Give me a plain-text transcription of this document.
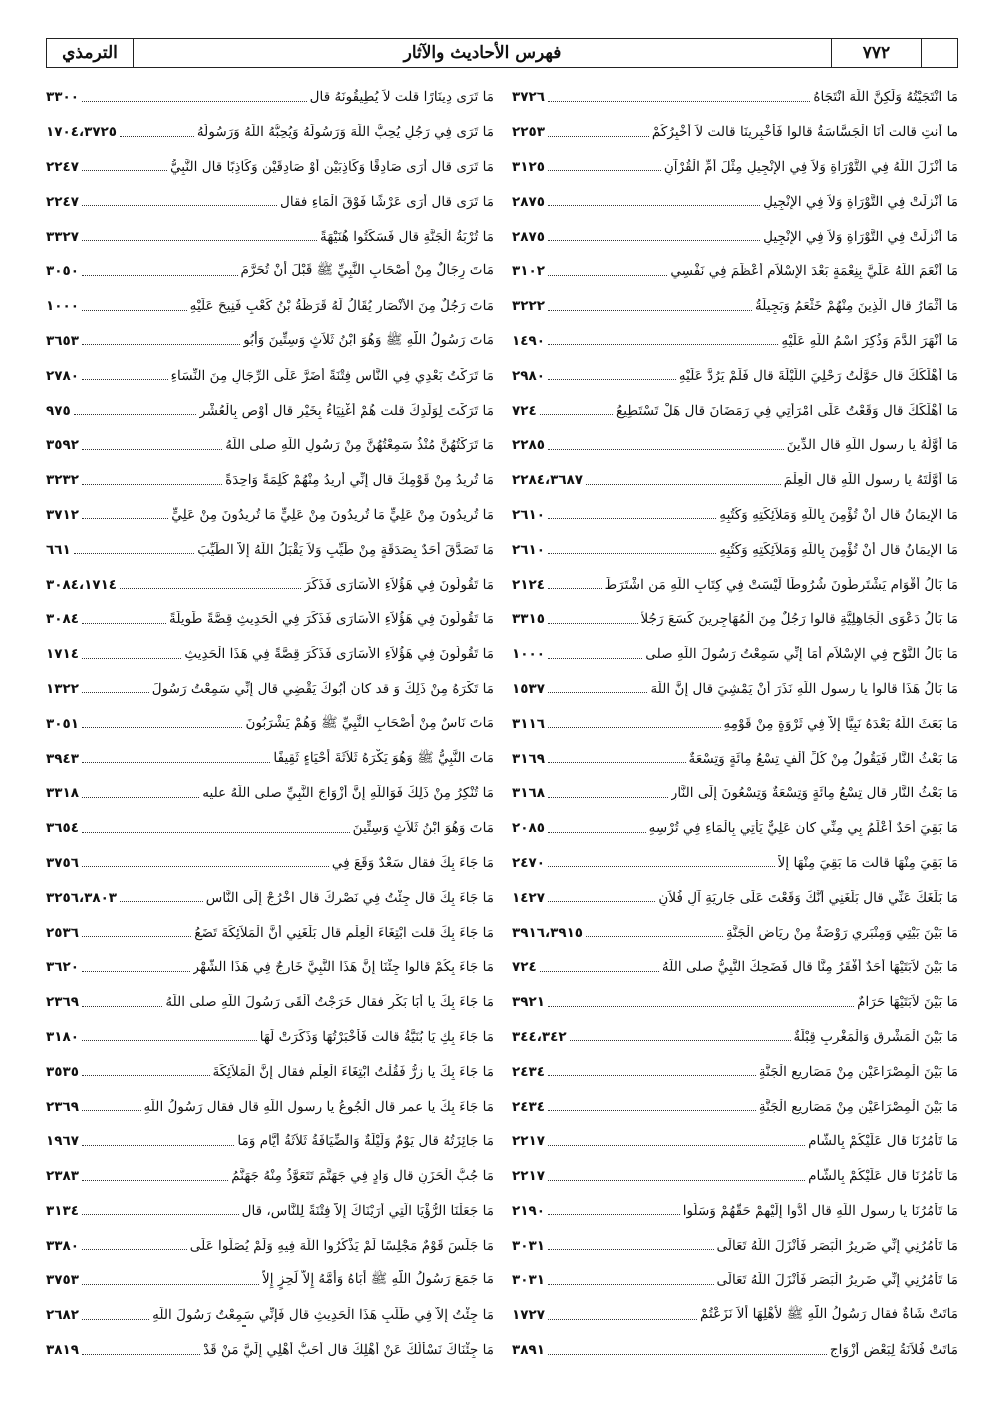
٧٧٢
فهرس الأحاديث والآثار
الترمذي
مَا انْتَجَيْتُهُ وَلَكِنَّ اللَّهَ انْتَجَاهُ
٣٧٢٦
ما أَنتِ قالت أَنَا الْجَسَّاسَةُ قالوا فَأَخْبِرِينَا قالت لاَ أُخْبِرُكُمْ
٢٢٥٣
مَا أَنْزَلَ اللَّهُ فِي التَّوْرَاةِ وَلاَ فِي الإِنْجِيلِ مِثْلَ أُمِّ الْقُرْآنِ
٣١٢٥
مَا أُنْزِلَتْ فِي التَّوْرَاةِ وَلاَ فِي الإِنْجِيلِ
٢٨٧٥
مَا أُنْزِلَتْ فِي التَّوْرَاةِ وَلاَ فِي الإِنْجِيلِ
٢٨٧٥
مَا أَنْعَمَ اللَّهُ عَلَيَّ بِنِعْمَةٍ بَعْدَ الإِسْلاَمِ أَعْظَمَ فِي نَفْسِي
٣١٠٢
مَا أَثْمَارُ قال الَّذِينَ مِنْهُمْ خَثْعَمُ وَبَجِيلَةُ
٣٢٢٢
مَا أَنْهَرَ الدَّمَ وَذُكِرَ اسْمُ اللَّهِ عَلَيْهِ
١٤٩٠
مَا أَهْلَكَكَ قال حَوَّلْتُ رَحْلِيَ اللَّيْلَةَ قال فَلَمْ يَرُدَّ عَلَيْهِ
٢٩٨٠
مَا أَهْلَكَكَ قال وَقَعْتُ عَلَى امْرَأَتِي فِي رَمَضَانَ قال هَلْ تَسْتَطِيعُ
٧٢٤
مَا أَوَّلُهُ يا رسول اللَّهِ قال الدِّينَ
٢٢٨٥
مَا أَوَّلْتَهُ يا رسول اللَّهِ قال الْعِلْمَ
٢٢٨٤،٣٦٨٧
مَا الإِيمَانُ قال أَنْ تُؤْمِنَ بِاللَّهِ وَمَلاَئِكَتِهِ وَكُتُبِهِ
٢٦١٠
مَا الإِيمَانُ قال أَنْ تُؤْمِنَ بِاللَّهِ وَمَلاَئِكَتِهِ وَكُتُبِهِ
٢٦١٠
مَا بَالُ أَقْوَامٍ يَشْتَرِطُونَ شُرُوطًا لَيْسَتْ فِي كِتَابِ اللَّهِ مَنِ اشْتَرَطَ
٢١٢٤
مَا بَالُ دَعْوَى الْجَاهِلِيَّةِ قالوا رَجُلٌ مِنَ الْمُهَاجِرِينَ كَسَعَ رَجُلاً
٣٣١٥
مَا بَالُ النَّوْحِ فِي الإِسْلاَمِ أَمَا إِنِّي سَمِعْتُ رَسُولَ اللَّهِ صلى
١٠٠٠
مَا بَالُ هَذَا قالوا يا رسول اللَّهِ نَذَرَ أَنْ يَمْشِيَ قال إِنَّ اللَّهَ
١٥٣٧
مَا بَعَثَ اللَّهُ بَعْدَهُ نَبِيًّا إِلاَّ فِي ثَرْوَةٍ مِنْ قَوْمِهِ
٣١١٦
مَا بَعْثُ النَّارِ فَيَقُولُ مِنْ كُلِّ أَلْفٍ تِسْعُ مِائَةٍ وَتِسْعَةٌ
٣١٦٩
مَا بَعْثُ النَّارِ قال تِسْعُ مِائَةٍ وَتِسْعَةٌ وَتِسْعُونَ إِلَى النَّارِ
٣١٦٨
مَا بَقِيَ أَحَدٌ أَعْلَمُ بِي مِنِّي كان عَلِيٌّ يَأْتِي بِالْمَاءِ فِي تُرْسِهِ
٢٠٨٥
مَا بَقِيَ مِنْهَا قالت مَا بَقِيَ مِنْهَا إِلاَّ
٢٤٧٠
مَا بَلَغَكَ عَنِّي قال بَلَغَنِي أَنَّكَ وَقَعْتَ عَلَى جَارِيَةِ آلِ فُلاَنٍ
١٤٢٧
مَا بَيْنَ بَيْتِي وَمِنْبَرِي رَوْضَةٌ مِنْ رِيَاضِ الْجَنَّةِ
٣٩١٦،٣٩١٥
مَا بَيْنَ لاَبَتَيْهَا أَحَدٌ أَفْقَرُ مِنَّا قال فَضَحِكَ النَّبِيُّ صلى اللَّهُ
٧٢٤
مَا بَيْنَ لاَبَتَيْهَا حَرَامٌ
٣٩٢١
مَا بَيْنَ الْمَشْرِقِ وَالْمَغْرِبِ قِبْلَةٌ
٣٤٤،٣٤٢
مَا بَيْنَ الْمِصْرَاعَيْنِ مِنْ مَصَارِيعِ الْجَنَّةِ
٢٤٣٤
مَا بَيْنَ الْمِصْرَاعَيْنِ مِنْ مَصَارِيعِ الْجَنَّةِ
٢٤٣٤
مَا تَأْمُرُنَا قال عَلَيْكُمْ بِالشَّامِ
٢٢١٧
مَا تَأْمُرُنَا قال عَلَيْكُمْ بِالشَّامِ
٢٢١٧
مَا تَأْمُرُنَا يا رسول اللَّهِ قال أَدُّوا إِلَيْهِمْ حَقَّهُمْ وَسَلُوا
٢١٩٠
مَا تَأْمُرُنِي إِنِّي ضَرِيرُ الْبَصَرِ فَأَنْزَلَ اللَّهُ تَعَالَى
٣٠٣١
مَا تَأْمُرُنِي إِنِّي ضَرِيرُ الْبَصَرِ فَأَنْزَلَ اللَّهُ تَعَالَى
٣٠٣١
مَاتَتْ شَاةٌ فقال رَسُولُ اللَّهِ ﷺ لأَهْلِهَا أَلاَ نَزَعْتُمْ
١٧٢٧
مَاتَتْ فُلاَنَةُ لِبَعْضِ أَزْوَاجِ
٣٨٩١
مَا تَرَى دِينَارًا قلت لاَ يُطِيقُونَهُ قال
٣٣٠٠
مَا تَرَى فِي رَجُلٍ يُحِبُّ اللَّهَ وَرَسُولَهُ وَيُحِبُّهُ اللَّهُ وَرَسُولُهُ
١٧٠٤،٣٧٢٥
مَا تَرَى قال أَرَى صَادِقًا وَكَاذِبَيْنِ أَوْ صَادِقَيْنِ وَكَاذِبًا قال النَّبِيُّ
٢٢٤٧
مَا تَرَى قال أَرَى عَرْشًا فَوْقَ الْمَاءِ فقال
٢٢٤٧
مَا تُرْبَةُ الْجَنَّةِ قال فَسَكَتُوا هُنَيْهَةً
٣٣٢٧
مَاتَ رِجَالٌ مِنْ أَصْحَابِ النَّبِيِّ ﷺ قَبْلَ أَنْ تُحَرَّمَ
٣٠٥٠
مَاتَ رَجُلٌ مِنَ الأَنْصَارِ يُقَالُ لَهُ قَرَظَةُ بْنُ كَعْبٍ فَنِيحَ عَلَيْهِ
١٠٠٠
مَاتَ رَسُولُ اللَّهِ ﷺ وَهُوَ ابْنُ ثَلاَثٍ وَسِتِّينَ وَأَبُو
٣٦٥٣
مَا تَرَكْتُ بَعْدِي فِي النَّاسِ فِتْنَةً أَضَرَّ عَلَى الرِّجَالِ مِنَ النِّسَاءِ
٢٧٨٠
مَا تَرَكْتَ لِوَلَدِكَ قلت هُمْ أَغْنِيَاءُ بِخَيْرٍ قال أَوْصِ بِالْعُشْرِ
٩٧٥
مَا تَرَكْتُهُنَّ مُنْذُ سَمِعْتُهُنَّ مِنْ رَسُولِ اللَّهِ صلى اللَّهُ
٣٥٩٢
مَا تُرِيدُ مِنْ قَوْمِكَ قال إِنِّي أُرِيدُ مِنْهُمْ كَلِمَةً وَاحِدَةً
٣٢٣٢
مَا تُرِيدُونَ مِنْ عَلِيٍّ مَا تُرِيدُونَ مِنْ عَلِيٍّ مَا تُرِيدُونَ مِنْ عَلِيٍّ
٣٧١٢
مَا تَصَدَّقَ أَحَدٌ بِصَدَقَةٍ مِنْ طَيِّبٍ وَلاَ يَقْبَلُ اللَّهُ إِلاَّ الطَّيِّبَ
٦٦١
مَا تَقُولُونَ فِي هَؤُلاَءِ الأَسَارَى فَذَكَرَ
٣٠٨٤،١٧١٤
مَا تَقُولُونَ فِي هَؤُلاَءِ الأَسَارَى فَذَكَرَ فِي الْحَدِيثِ قِصَّةً طَوِيلَةً
٣٠٨٤
مَا تَقُولُونَ فِي هَؤُلاَءِ الأَسَارَى فَذَكَرَ قِصَّةً فِي هَذَا الْحَدِيثِ
١٧١٤
مَا تَكْرَهُ مِنْ ذَلِكَ وَ قد كان أَبُوكَ يَقْضِي قال إِنِّي سَمِعْتُ رَسُولَ
١٣٢٢
مَاتَ نَاسٌ مِنْ أَصْحَابِ النَّبِيِّ ﷺ وَهُمْ يَشْرَبُونَ
٣٠٥١
مَاتَ النَّبِيُّ ﷺ وَهُوَ يَكْرَهُ ثَلاَثَةَ أَحْيَاءٍ ثَقِيفًا
٣٩٤٣
مَا تُنْكِرُ مِنْ ذَلِكَ فَوَاللَّهِ إِنَّ أَزْوَاجَ النَّبِيِّ صلى اللَّهُ عليه
٣٣١٨
مَاتَ وَهُوَ ابْنُ ثَلاَثٍ وَسِتِّينَ
٣٦٥٤
مَا جَاءَ بِكَ فقال سَعْدٌ وَقَعَ فِي
٣٧٥٦
مَا جَاءَ بِكَ قال جِئْتُ فِي نَصْرِكَ قال اخْرُجْ إِلَى النَّاسِ
٣٢٥٦،٣٨٠٣
مَا جَاءَ بِكَ قلت ابْتِغَاءَ الْعِلْمِ قال بَلَغَنِي أَنَّ الْمَلاَئِكَةَ تَضَعُ
٢٥٣٦
مَا جَاءَ بِكُمْ قالوا جِئْنَا إِنَّ هَذَا النَّبِيَّ خَارِجٌ فِي هَذَا الشَّهْرِ
٣٦٢٠
مَا جَاءَ بِكَ يا أَبَا بَكْرٍ فقال خَرَجْتُ أَلْقَى رَسُولَ اللَّهِ صلى اللَّهُ
٢٣٦٩
مَا جَاءَ بِكِ يَا بُنَيَّةُ قالت فَأَخْبَرْتُهَا وَذَكَرَتْ لَهَا
٣١٨٠
مَا جَاءَ بِكَ يا زِرُّ فَقُلْتُ ابْتِغَاءَ الْعِلْمِ فقال إِنَّ الْمَلاَئِكَةَ
٣٥٣٥
مَا جَاءَ بِكَ يا عمر قال الْجُوعُ يا رسول اللَّهِ قال فقال رَسُولُ اللَّهِ
٢٣٦٩
مَا جَائِزَتُهُ قال يَوْمٌ وَلَيْلَةٌ وَالضِّيَافَةُ ثَلاَثَةُ أَيَّامٍ وَمَا
١٩٦٧
مَا جُبُّ الْحَزَنِ قال وَادٍ فِي جَهَنَّمَ تَتَعَوَّذُ مِنْهُ جَهَنَّمُ
٢٣٨٣
مَا جَعَلْنَا الرُّؤْيَا الَّتِي أَرَيْنَاكَ إِلاَّ فِتْنَةً لِلنَّاسِ، قال
٣١٣٤
مَا جَلَسَ قَوْمٌ مَجْلِسًا لَمْ يَذْكُرُوا اللَّهَ فِيهِ وَلَمْ يُصَلُّوا عَلَى
٣٣٨٠
مَا جَمَعَ رَسُولُ اللَّهِ ﷺ أَبَاهُ وَأُمَّهُ إِلاَّ لَحِزٍ إِلاَّ
٣٧٥٣
مَا جِئْتُ إِلاَّ فِي طَلَبِ هَذَا الْحَدِيثِ قال فَإِنِّي سَمِعْتُ رَسُولَ اللَّهِ
٢٦٨٢
مَا جِئْنَاكَ نَسْأَلُكَ عَنْ أَهْلِكَ قال أَحَبُّ أَهْلِي إِلَيَّ مَنْ قَدْ
٣٨١٩
